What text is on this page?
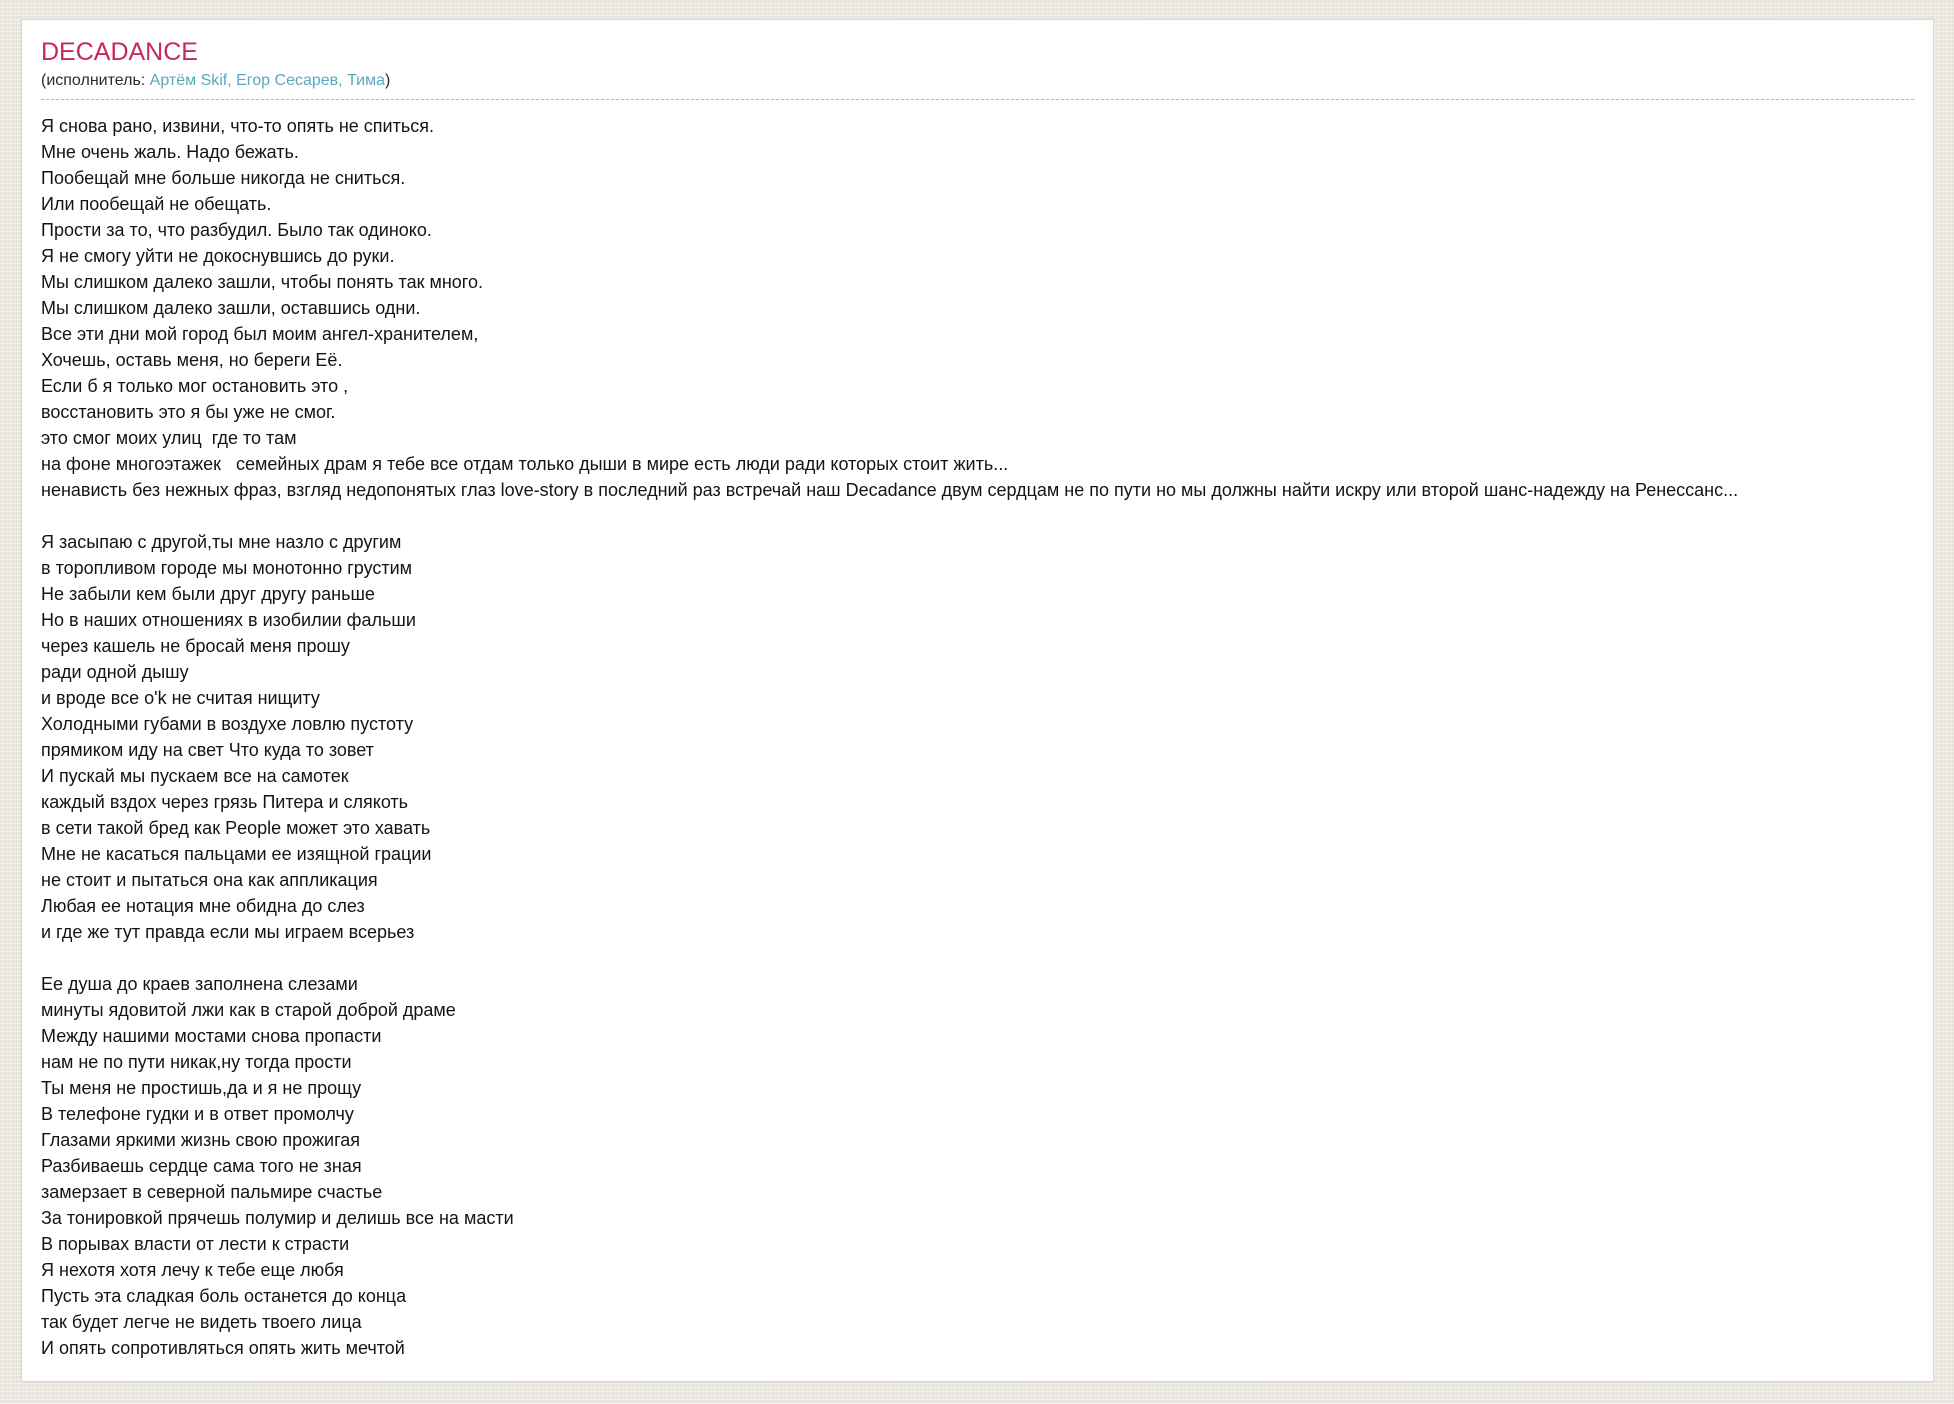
DECADANCE
(исполнитель: Артём Skif, Егор Сесарев, Тима)
Я снова рано, извини, что-то опять не спиться.
Мне очень жаль. Надо бежать.
Пообещай мне больше никогда не сниться.
Или пообещай не обещать.
Прости за то, что разбудил. Было так одиноко.
Я не смогу уйти не докоснувшись до руки.
Мы слишком далеко зашли, чтобы понять так много.
Мы слишком далеко зашли, оставшись одни.
Все эти дни мой город был моим ангел-хранителем,
Хочешь, оставь меня, но береги Её.
Если б я только мог остановить это ,
восстановить это я бы уже не смог.
это смог моих улиц  где то там
на фоне многоэтажек   семейных драм я тебе все отдам только дыши в мире есть люди ради которых стоит жить...
ненависть без нежных фраз, взгляд недопонятых глаз love-story в последний раз встречай наш Decadance двум сердцам не по пути но мы должны найти искру или второй шанс-надежду на Ренессанс...
Я засыпаю с другой,ты мне назло с другим
в торопливом городе мы монотонно грустим
Не забыли кем были друг другу раньше
Но в наших отношениях в изобилии фальши
через кашель не бросай меня прошу
ради одной дышу
и вроде все o'k не считая нищиту
Холодными губами в воздухе ловлю пустоту
прямиком иду на свет Что куда то зовет
И пускай мы пускаем все на самотек
каждый вздох через грязь Питера и слякоть
в сети такой бред как People может это хавать
Мне не касаться пальцами ее изящной грации
не стоит и пытаться она как аппликация
Любая ее нотация мне обидна до слез
и где же тут правда если мы играем всерьез
Ее душа до краев заполнена слезами
минуты ядовитой лжи как в старой доброй драме
Между нашими мостами снова пропасти
нам не по пути никак,ну тогда прости
Ты меня не простишь,да и я не прощу
В телефоне гудки и в ответ промолчу
Глазами яркими жизнь свою прожигая
Разбиваешь сердце сама того не зная
замерзает в северной пальмире счастье
За тонировкой прячешь полумир и делишь все на масти
В порывах власти от лести к страсти
Я нехотя хотя лечу к тебе еще любя
Пусть эта сладкая боль останется до конца
так будет легче не видеть твоего лица
И опять сопротивляться опять жить мечтой
